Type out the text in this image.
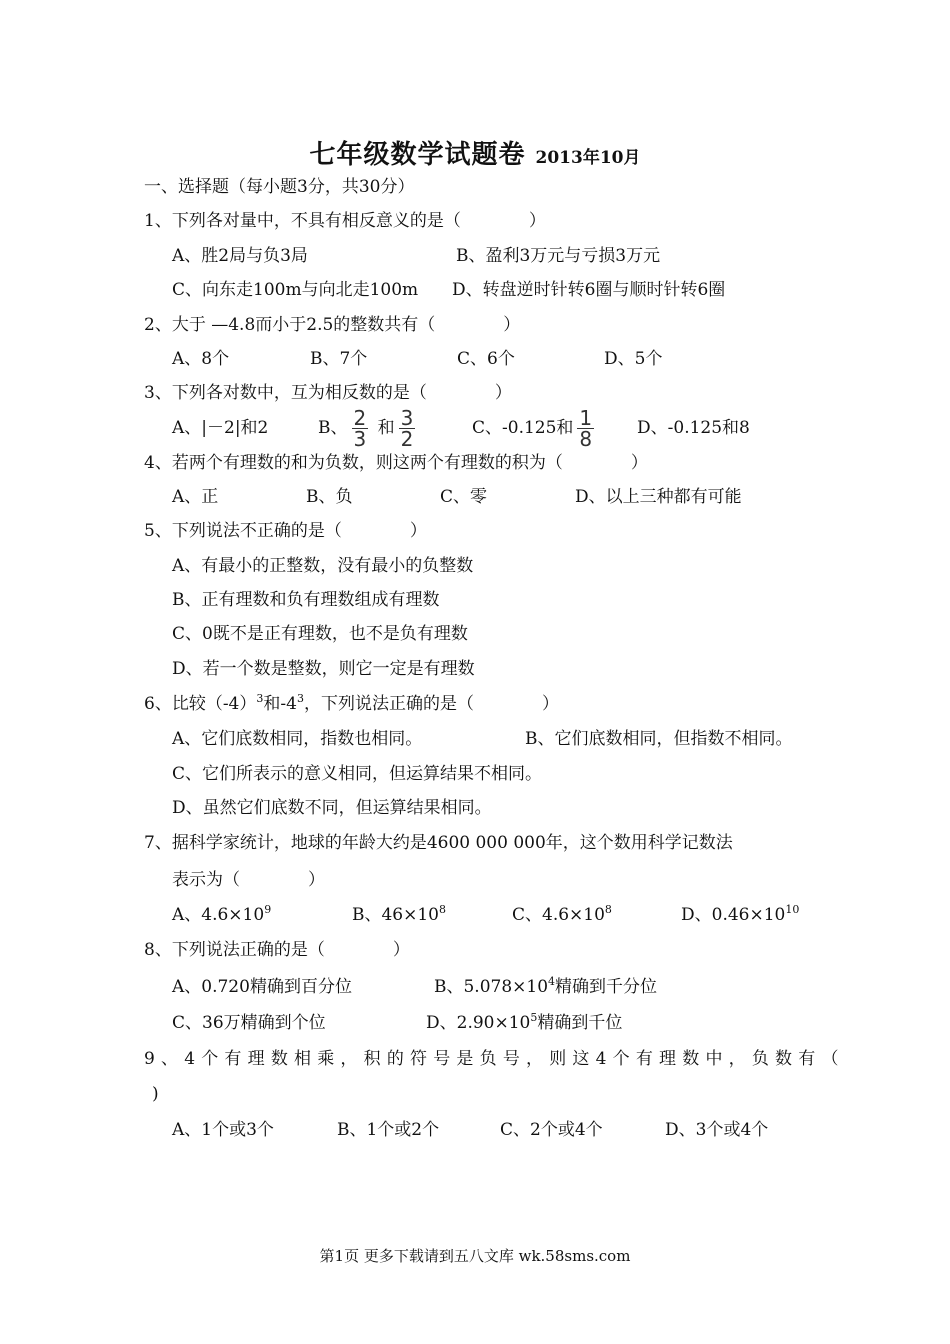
七年级数学试题卷 2013年10月
一、选择题（每小题3分，共30分）
1、下列各对量中，不具有相反意义的是（　　　　）
A、胜2局与负3局	B、盈利3万元与亏损3万元
C、向东走100m与向北走100m D、转盘逆时针转6圈与顺时针转6圈
2、大于 —4.8而小于2.5的整数共有（　　　　）
A、8个	B、7个	C、6个	D、5个
3、下列各对数中，互为相反数的是（　　　　）
A、|－2|和2	B、 $\frac{2}{3}$ 和 $\frac{3}{2}$	C、-0.125和 $\frac{1}{8}$	D、-0.125和8
4、若两个有理数的和为负数，则这两个有理数的积为（　　　　）
A、正	B、负	C、零	D、以上三种都有可能
5、下列说法不正确的是（　　　　）
A、有最小的正整数，没有最小的负整数
B、正有理数和负有理数组成有理数
C、0既不是正有理数，也不是负有理数
D、若一个数是整数，则它一定是有理数
6、比较$(-4)^3$和$-4^3$，下列说法正确的是（　　　　）
A、它们底数相同，指数也相同。	B、它们底数相同，但指数不相同。
C、它们所表示的意义相同，但运算结果不相同。
D、虽然它们底数不同，但运算结果相同。
7、据科学家统计，地球的年龄大约是4600 000 000年，这个数用科学记数法
表示为（　　　　）
A、$4.6\times 10^9$	B、$46\times 10^8$	C、$4.6\times 10^8$	D、$0.46\times 10^{10}$
8、下列说法正确的是（　　　　）
A、0.720精确到百分位	B、$5.078\times 10^4$精确到千分位
C、36万精确到个位	D、$2.90\times 10^5$精确到千位
9、4个有理数相乘，积的符号是负号，则这4个有理数中，负数有（
)
A、1个或3个	B、1个或2个	C、2个或4个	D、3个或4个
第1页 更多下载请到五八文库 wk.58sms.com
